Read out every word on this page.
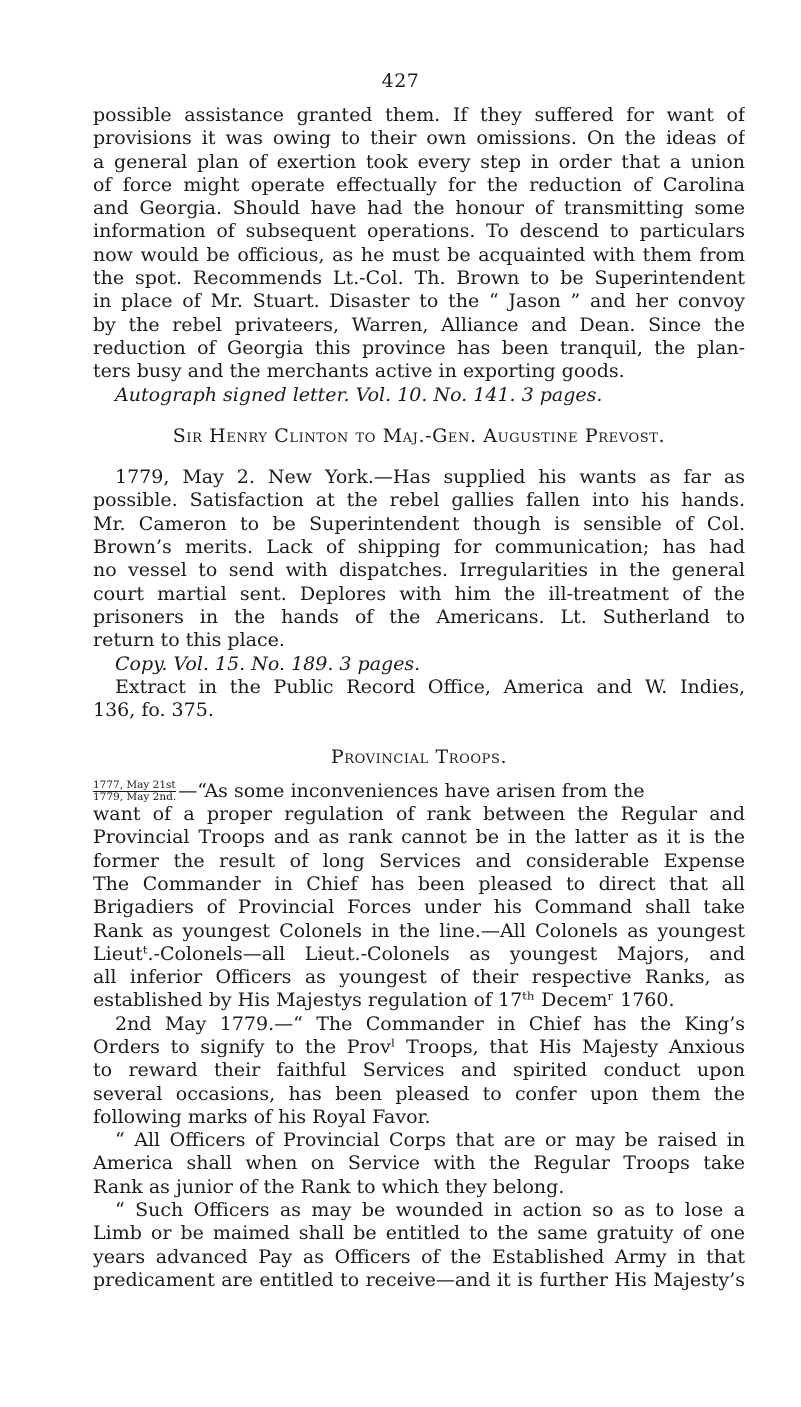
427
possible assistance granted them. If they suffered for want of
provisions it was owing to their own omissions. On the ideas of
a general plan of exertion took every step in order that a union
of force might operate effectually for the reduction of Carolina
and Georgia. Should have had the honour of transmitting some
information of subsequent operations. To descend to particulars
now would be officious, as he must be acquainted with them from
the spot. Recommends Lt.-Col. Th. Brown to be Superintendent
in place of Mr. Stuart. Disaster to the “ Jason ” and her convoy
by the rebel privateers, Warren, Alliance and Dean. Since the
reduction of Georgia this province has been tranquil, the plan-
ters busy and the merchants active in exporting goods.
Autograph signed letter. Vol. 10. No. 141. 3 pages.
Sir Henry Clinton to Maj.-Gen. Augustine Prevost.
1779, May 2. New York.—Has supplied his wants as far as
possible. Satisfaction at the rebel gallies fallen into his hands.
Mr. Cameron to be Superintendent though is sensible of Col.
Brown’s merits. Lack of shipping for communication; has had
no vessel to send with dispatches. Irregularities in the general
court martial sent. Deplores with him the ill-treatment of the
prisoners in the hands of the Americans. Lt. Sutherland to
return to this place.
Copy. Vol. 15. No. 189. 3 pages.
Extract in the Public Record Office, America and W. Indies,
136, fo. 375.
Provincial Troops.
1777, May 21st
1779, May 2nd. —“As some inconveniences have arisen from the
want of a proper regulation of rank between the Regular and
Provincial Troops and as rank cannot be in the latter as it is the
former the result of long Services and considerable Expense
The Commander in Chief has been pleased to direct that all
Brigadiers of Provincial Forces under his Command shall take
Rank as youngest Colonels in the line.—All Colonels as youngest
Lieutᵗ.-Colonels—all Lieut.-Colonels as youngest Majors, and
all inferior Officers as youngest of their respective Ranks, as
established by His Majestys regulation of 17ᵗʰ Decemʳ 1760.
2nd May 1779.—“ The Commander in Chief has the King’s
Orders to signify to the Provˡ Troops, that His Majesty Anxious
to reward their faithful Services and spirited conduct upon
several occasions, has been pleased to confer upon them the
following marks of his Royal Favor.
“ All Officers of Provincial Corps that are or may be raised in
America shall when on Service with the Regular Troops take
Rank as junior of the Rank to which they belong.
“ Such Officers as may be wounded in action so as to lose a
Limb or be maimed shall be entitled to the same gratuity of one
years advanced Pay as Officers of the Established Army in that
predicament are entitled to receive—and it is further His Majesty’s
